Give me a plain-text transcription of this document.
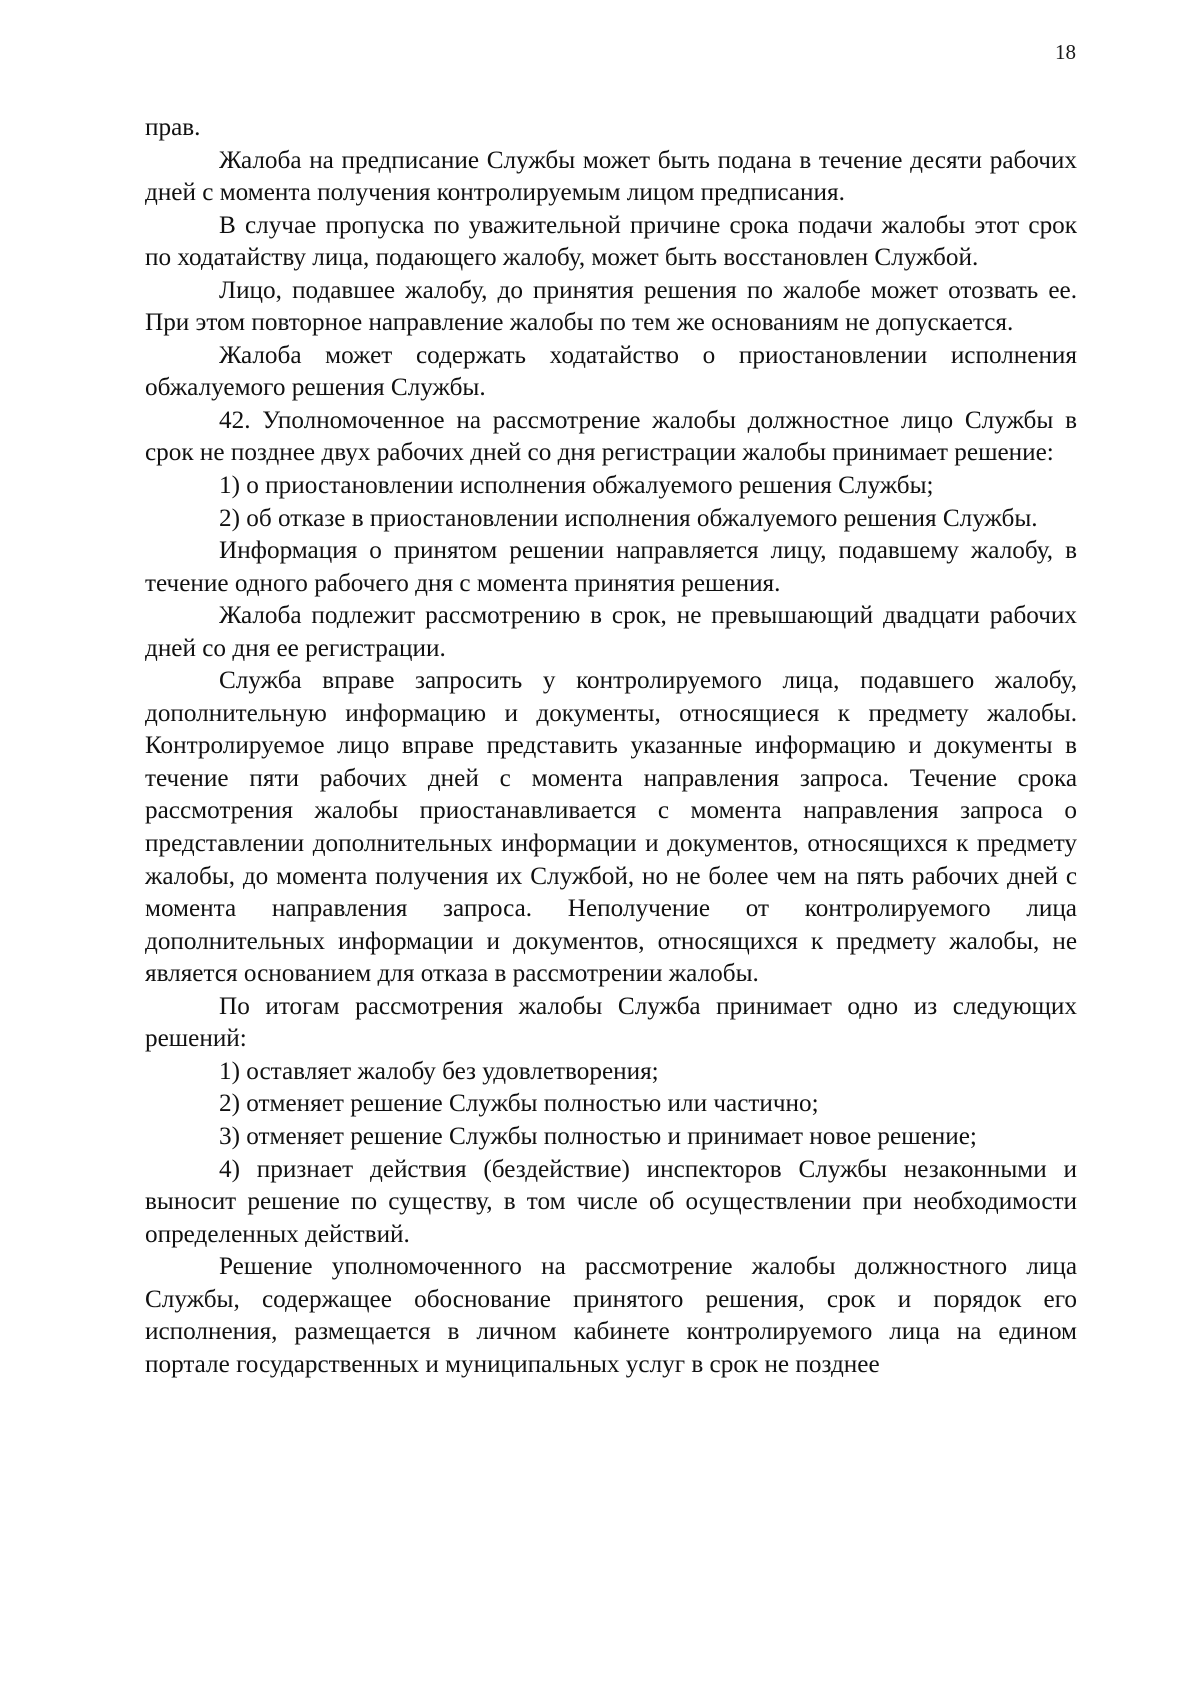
18

прав.

Жалоба на предписание Службы может быть подана в течение десяти рабочих дней с момента получения контролируемым лицом предписания.

В случае пропуска по уважительной причине срока подачи жалобы этот срок по ходатайству лица, подающего жалобу, может быть восстановлен Службой.

Лицо, подавшее жалобу, до принятия решения по жалобе может отозвать ее. При этом повторное направление жалобы по тем же основаниям не допускается.

Жалоба может содержать ходатайство о приостановлении исполнения обжалуемого решения Службы.

42. Уполномоченное на рассмотрение жалобы должностное лицо Службы в срок не позднее двух рабочих дней со дня регистрации жалобы принимает решение:

1) о приостановлении исполнения обжалуемого решения Службы;

2) об отказе в приостановлении исполнения обжалуемого решения Службы.

Информация о принятом решении направляется лицу, подавшему жалобу, в течение одного рабочего дня с момента принятия решения.

Жалоба подлежит рассмотрению в срок, не превышающий двадцати рабочих дней со дня ее регистрации.

Служба вправе запросить у контролируемого лица, подавшего жалобу, дополнительную информацию и документы, относящиеся к предмету жалобы. Контролируемое лицо вправе представить указанные информацию и документы в течение пяти рабочих дней с момента направления запроса. Течение срока рассмотрения жалобы приостанавливается с момента направления запроса о представлении дополнительных информации и документов, относящихся к предмету жалобы, до момента получения их Службой, но не более чем на пять рабочих дней с момента направления запроса. Неполучение от контролируемого лица дополнительных информации и документов, относящихся к предмету жалобы, не является основанием для отказа в рассмотрении жалобы.

По итогам рассмотрения жалобы Служба принимает одно из следующих решений:

1) оставляет жалобу без удовлетворения;

2) отменяет решение Службы полностью или частично;

3) отменяет решение Службы полностью и принимает новое решение;

4) признает действия (бездействие) инспекторов Службы незаконными и выносит решение по существу, в том числе об осуществлении при необходимости определенных действий.

Решение уполномоченного на рассмотрение жалобы должностного лица Службы, содержащее обоснование принятого решения, срок и порядок его исполнения, размещается в личном кабинете контролируемого лица на едином портале государственных и муниципальных услуг в срок не позднее
